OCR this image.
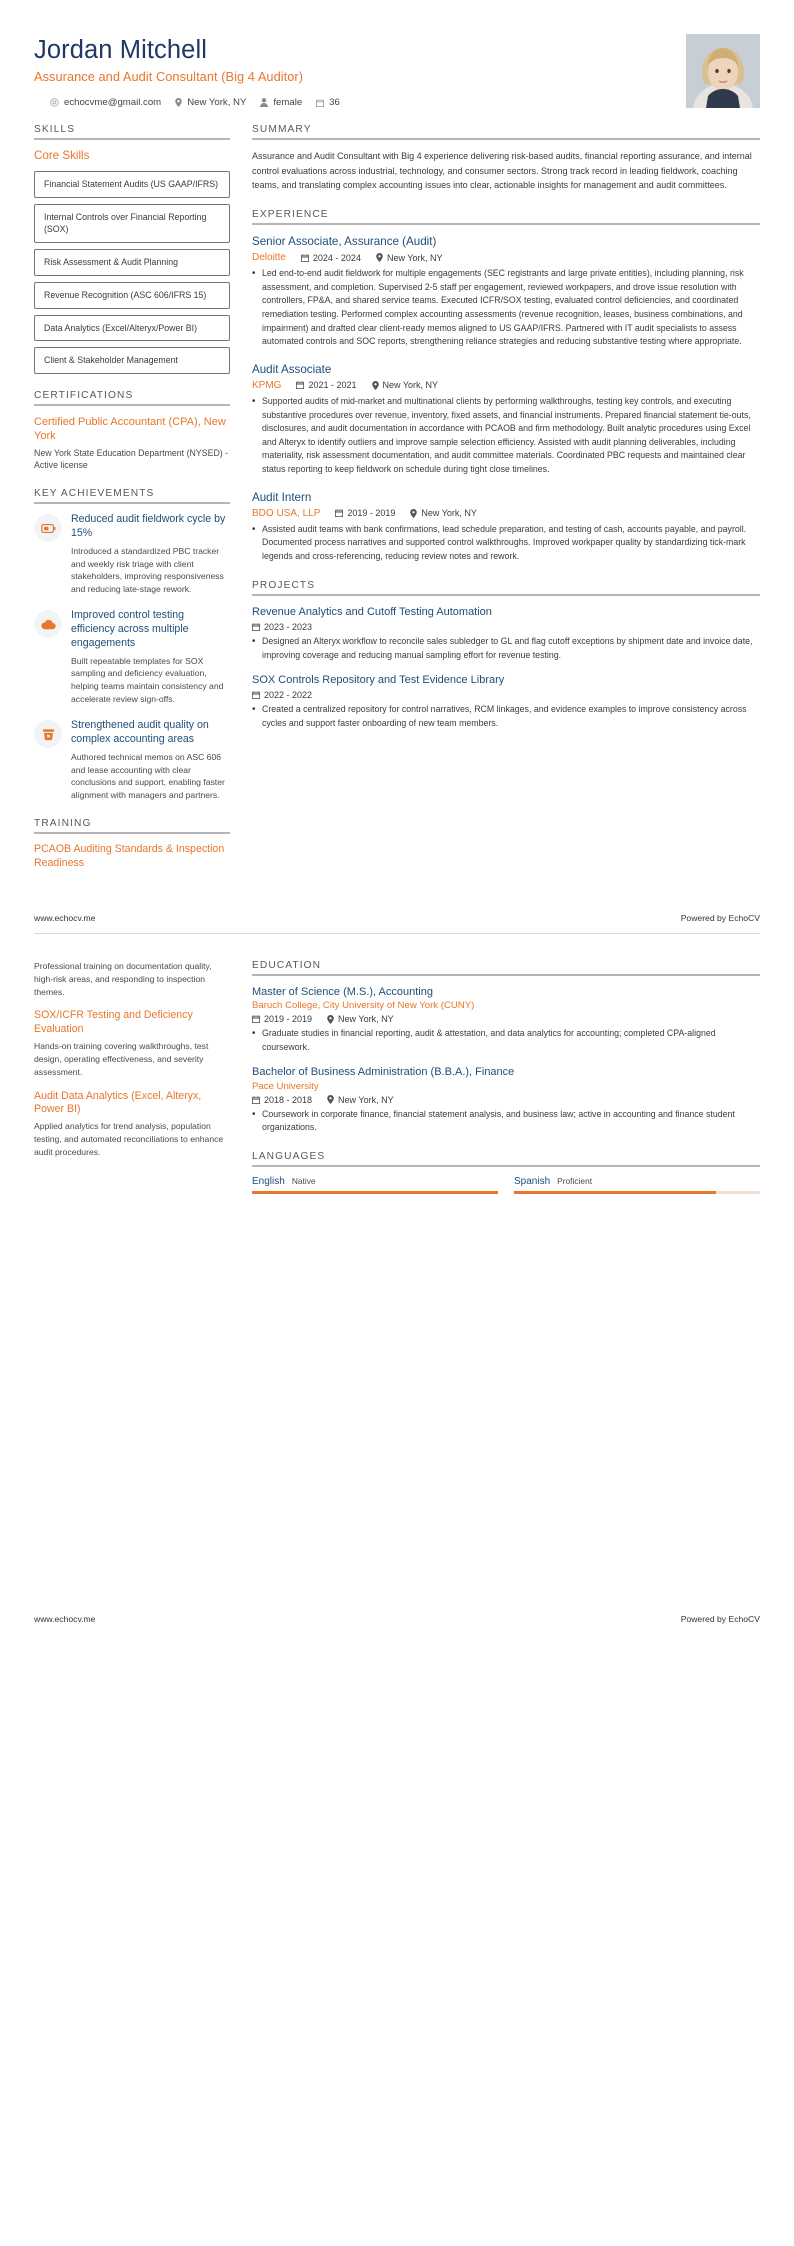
Jordan Mitchell
Assurance and Audit Consultant (Big 4 Auditor)
echocvme@gmail.com	New York, NY	female	36
SKILLS
Core Skills
Financial Statement Audits (US GAAP/IFRS)
Internal Controls over Financial Reporting (SOX)
Risk Assessment & Audit Planning
Revenue Recognition (ASC 606/IFRS 15)
Data Analytics (Excel/Alteryx/Power BI)
Client & Stakeholder Management
CERTIFICATIONS
Certified Public Accountant (CPA), New York
New York State Education Department (NYSED) - Active license
KEY ACHIEVEMENTS
Reduced audit fieldwork cycle by 15%
Introduced a standardized PBC tracker and weekly risk triage with client stakeholders, improving responsiveness and reducing late-stage rework.
Improved control testing efficiency across multiple engagements
Built repeatable templates for SOX sampling and deficiency evaluation, helping teams maintain consistency and accelerate review sign-offs.
Strengthened audit quality on complex accounting areas
Authored technical memos on ASC 606 and lease accounting with clear conclusions and support, enabling faster alignment with managers and partners.
TRAINING
PCAOB Auditing Standards & Inspection Readiness
SUMMARY
Assurance and Audit Consultant with Big 4 experience delivering risk-based audits, financial reporting assurance, and internal control evaluations across industrial, technology, and consumer sectors. Strong track record in leading fieldwork, coaching teams, and translating complex accounting issues into clear, actionable insights for management and audit committees.
EXPERIENCE
Senior Associate, Assurance (Audit)
Deloitte	2024 - 2024	New York, NY
• Led end-to-end audit fieldwork for multiple engagements (SEC registrants and large private entities), including planning, risk assessment, and completion. Supervised 2-5 staff per engagement, reviewed workpapers, and drove issue resolution with controllers, FP&A, and shared service teams. Executed ICFR/SOX testing, evaluated control deficiencies, and coordinated remediation testing. Performed complex accounting assessments (revenue recognition, leases, business combinations, and impairment) and drafted clear client-ready memos aligned to US GAAP/IFRS. Partnered with IT audit specialists to assess automated controls and SOC reports, strengthening reliance strategies and reducing substantive testing where appropriate.
Audit Associate
KPMG	2021 - 2021	New York, NY
• Supported audits of mid-market and multinational clients by performing walkthroughs, testing key controls, and executing substantive procedures over revenue, inventory, fixed assets, and financial instruments. Prepared financial statement tie-outs, disclosures, and audit documentation in accordance with PCAOB and firm methodology. Built analytic procedures using Excel and Alteryx to identify outliers and improve sample selection efficiency. Assisted with audit planning deliverables, including materiality, risk assessment documentation, and audit committee materials. Coordinated PBC requests and maintained clear status reporting to keep fieldwork on schedule during tight close timelines.
Audit Intern
BDO USA, LLP	2019 - 2019	New York, NY
• Assisted audit teams with bank confirmations, lead schedule preparation, and testing of cash, accounts payable, and payroll. Documented process narratives and supported control walkthroughs. Improved workpaper quality by standardizing tick-mark legends and cross-referencing, reducing review notes and rework.
PROJECTS
Revenue Analytics and Cutoff Testing Automation
2023 - 2023
• Designed an Alteryx workflow to reconcile sales subledger to GL and flag cutoff exceptions by shipment date and invoice date, improving coverage and reducing manual sampling effort for revenue testing.
SOX Controls Repository and Test Evidence Library
2022 - 2022
• Created a centralized repository for control narratives, RCM linkages, and evidence examples to improve consistency across cycles and support faster onboarding of new team members.
www.echocv.me	Powered by EchoCV
Professional training on documentation quality, high-risk areas, and responding to inspection themes.
SOX/ICFR Testing and Deficiency Evaluation
Hands-on training covering walkthroughs, test design, operating effectiveness, and severity assessment.
Audit Data Analytics (Excel, Alteryx, Power BI)
Applied analytics for trend analysis, population testing, and automated reconciliations to enhance audit procedures.
EDUCATION
Master of Science (M.S.), Accounting
Baruch College, City University of New York (CUNY)
2019 - 2019	New York, NY
• Graduate studies in financial reporting, audit & attestation, and data analytics for accounting; completed CPA-aligned coursework.
Bachelor of Business Administration (B.B.A.), Finance
Pace University
2018 - 2018	New York, NY
• Coursework in corporate finance, financial statement analysis, and business law; active in accounting and finance student organizations.
LANGUAGES
English Native	Spanish Proficient
www.echocv.me	Powered by EchoCV
